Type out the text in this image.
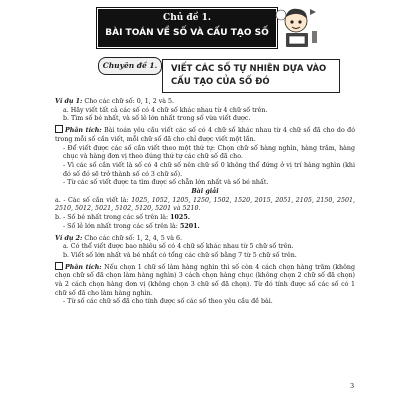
Chủ đề 1.
BÀI TOÁN VỀ SỐ VÀ CẤU TẠO SỐ
Chuyên đề 1.	VIẾT CÁC SỐ TỰ NHIÊN DỰA VÀO CẤU TẠO CỦA SỐ ĐÓ

Ví dụ 1: Cho các chữ số: 0, 1, 2 và 5.

a. Hãy viết tất cả các số có 4 chữ số khác nhau từ 4 chữ số trên.

b. Tìm số bé nhất, và số lẻ lớn nhất trong số vừa viết được.

Phân tích: Bài toán yêu cầu viết các số có 4 chữ số khác nhau từ 4 chữ số đã cho do đó trong mỗi số cần viết, mỗi chữ số đã cho chỉ được viết một lần.

- Để viết được các số cần viết theo một thứ tự: Chọn chữ số hàng nghìn, hàng trăm, hàng chục và hàng đơn vị theo đúng thứ tự các chữ số đã cho.

- Vì các số cần viết là số có 4 chữ số nên chữ số 0 không thể đứng ở vị trí hàng nghìn (khi đó số đó sẽ trở thành số có 3 chữ số).

- Từ các số viết được ta tìm được số chẵn lớn nhất và số bé nhất.

Bài giải

a. - Các số cần viết là: 1025, 1052, 1205, 1250, 1502, 1520, 2015, 2051, 2105, 2150, 2501, 2510, 5012, 5021, 5102, 5120, 5201 và 5210.

b. - Số bé nhất trong các số trên là: 1025.

- Số lẻ lớn nhất trong các số trên là: 5201.

Ví dụ 2: Cho các chữ số: 1, 2, 4, 5 và 6.

a. Có thể viết được bao nhiêu số có 4 chữ số khác nhau từ 5 chữ số trên.

b. Viết số lớn nhất và bé nhất có tổng các chữ số bằng 7 từ 5 chữ số trên.

Phân tích: Nếu chọn 1 chữ số làm hàng nghìn thì số còn 4 cách chọn hàng trăm (không chọn chữ số đã chọn làm hàng nghìn) 3 cách chọn hàng chục (không chọn 2 chữ số đã chọn) và 2 cách chọn hàng đơn vị (không chọn 3 chữ số đã chọn). Từ đó tính được số các số có 1 chữ số đã cho làm hàng nghìn.

- Từ số các chữ số đã cho tính được số các số theo yêu cầu đề bài.

3
